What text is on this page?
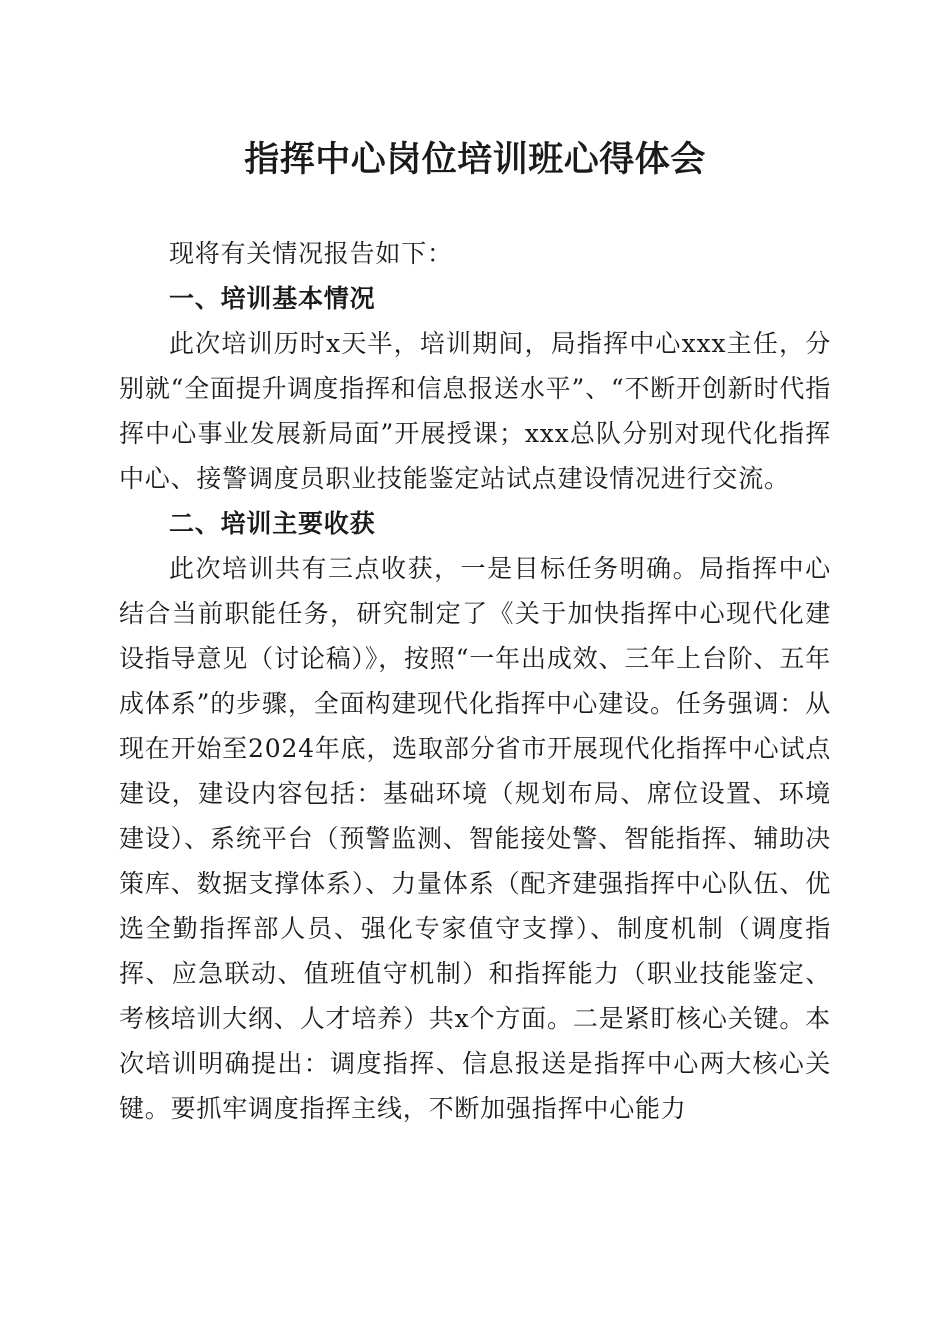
指挥中心岗位培训班心得体会

现将有关情况报告如下：

一、培训基本情况

此次培训历时x天半，培训期间，局指挥中心xxx主任，分别就“全面提升调度指挥和信息报送水平”、“不断开创新时代指挥中心事业发展新局面”开展授课；xxx总队分别对现代化指挥中心、接警调度员职业技能鉴定站试点建设情况进行交流。

二、培训主要收获

此次培训共有三点收获，一是目标任务明确。局指挥中心结合当前职能任务，研究制定了《关于加快指挥中心现代化建设指导意见（讨论稿）》，按照“一年出成效、三年上台阶、五年成体系”的步骤，全面构建现代化指挥中心建设。任务强调：从现在开始至2024年底，选取部分省市开展现代化指挥中心试点建设，建设内容包括：基础环境（规划布局、席位设置、环境建设）、系统平台（预警监测、智能接处警、智能指挥、辅助决策库、数据支撑体系）、力量体系（配齐建强指挥中心队伍、优选全勤指挥部人员、强化专家值守支撑）、制度机制（调度指挥、应急联动、值班值守机制）和指挥能力（职业技能鉴定、考核培训大纲、人才培养）共x个方面。二是紧盯核心关键。本次培训明确提出：调度指挥、信息报送是指挥中心两大核心关键。要抓牢调度指挥主线，不断加强指挥中心能力
